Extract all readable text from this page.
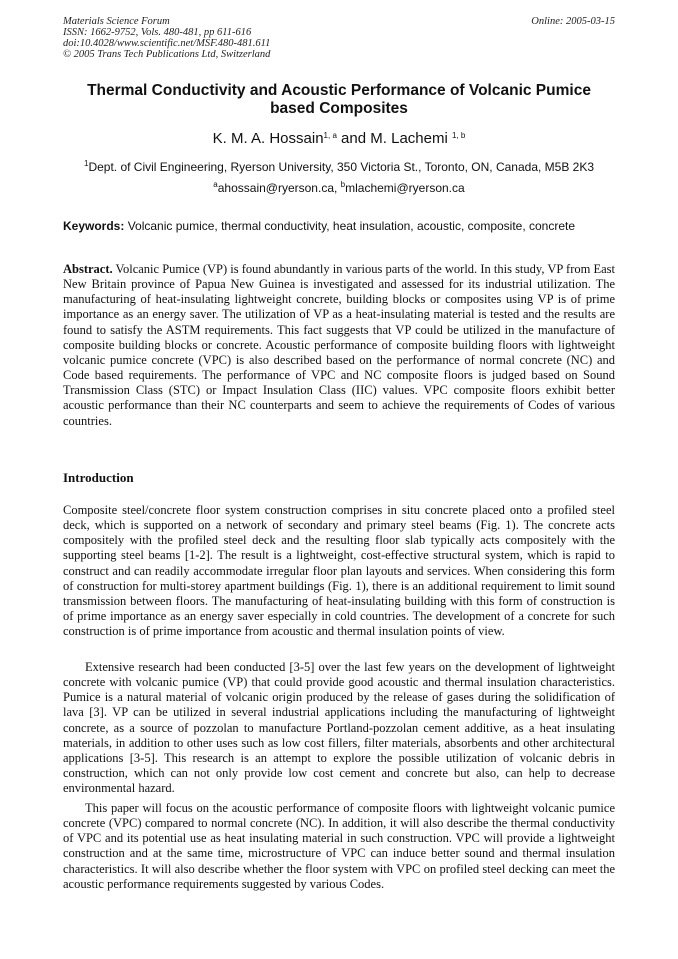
Materials Science Forum
ISSN: 1662-9752, Vols. 480-481, pp 611-616
doi:10.4028/www.scientific.net/MSF.480-481.611
© 2005 Trans Tech Publications Ltd, Switzerland
Online: 2005-03-15
Thermal Conductivity and Acoustic Performance of Volcanic Pumice
based Composites
K. M. A. Hossain$^{1, a}$ and M. Lachemi $^{1, b}$
$^1$Dept. of Civil Engineering, Ryerson University, 350 Victoria St., Toronto, ON, Canada, M5B 2K3
$^a$ahossain@ryerson.ca, $^b$mlachemi@ryerson.ca
Keywords: Volcanic pumice, thermal conductivity, heat insulation, acoustic, composite, concrete
Abstract. Volcanic Pumice (VP) is found abundantly in various parts of the world. In this study, VP from East New Britain province of Papua New Guinea is investigated and assessed for its industrial utilization. The manufacturing of heat-insulating lightweight concrete, building blocks or composites using VP is of prime importance as an energy saver. The utilization of VP as a heat-insulating material is tested and the results are found to satisfy the ASTM requirements. This fact suggests that VP could be utilized in the manufacture of composite building blocks or concrete. Acoustic performance of composite building floors with lightweight volcanic pumice concrete (VPC) is also described based on the performance of normal concrete (NC) and Code based requirements. The performance of VPC and NC composite floors is judged based on Sound Transmission Class (STC) or Impact Insulation Class (IIC) values. VPC composite floors exhibit better acoustic performance than their NC counterparts and seem to achieve the requirements of Codes of various countries.
Introduction
Composite steel/concrete floor system construction comprises in situ concrete placed onto a profiled steel deck, which is supported on a network of secondary and primary steel beams (Fig. 1). The concrete acts compositely with the profiled steel deck and the resulting floor slab typically acts compositely with the supporting steel beams [1-2]. The result is a lightweight, cost-effective structural system, which is rapid to construct and can readily accommodate irregular floor plan layouts and services. When considering this form of construction for multi-storey apartment buildings (Fig. 1), there is an additional requirement to limit sound transmission between floors. The manufacturing of heat-insulating building with this form of construction is of prime importance as an energy saver especially in cold countries. The development of a concrete for such construction is of prime importance from acoustic and thermal insulation points of view.
Extensive research had been conducted [3-5] over the last few years on the development of lightweight concrete with volcanic pumice (VP) that could provide good acoustic and thermal insulation characteristics. Pumice is a natural material of volcanic origin produced by the release of gases during the solidification of lava [3]. VP can be utilized in several industrial applications including the manufacturing of lightweight concrete, as a source of pozzolan to manufacture Portland-pozzolan cement additive, as a heat insulating materials, in addition to other uses such as low cost fillers, filter materials, absorbents and other architectural applications [3-5]. This research is an attempt to explore the possible utilization of volcanic debris in construction, which can not only provide low cost cement and concrete but also, can help to decrease environmental hazard.
This paper will focus on the acoustic performance of composite floors with lightweight volcanic pumice concrete (VPC) compared to normal concrete (NC). In addition, it will also describe the thermal conductivity of VPC and its potential use as heat insulating material in such construction. VPC will provide a lightweight construction and at the same time, microstructure of VPC can induce better sound and thermal insulation characteristics. It will also describe whether the floor system with VPC on profiled steel decking can meet the acoustic performance requirements suggested by various Codes.
